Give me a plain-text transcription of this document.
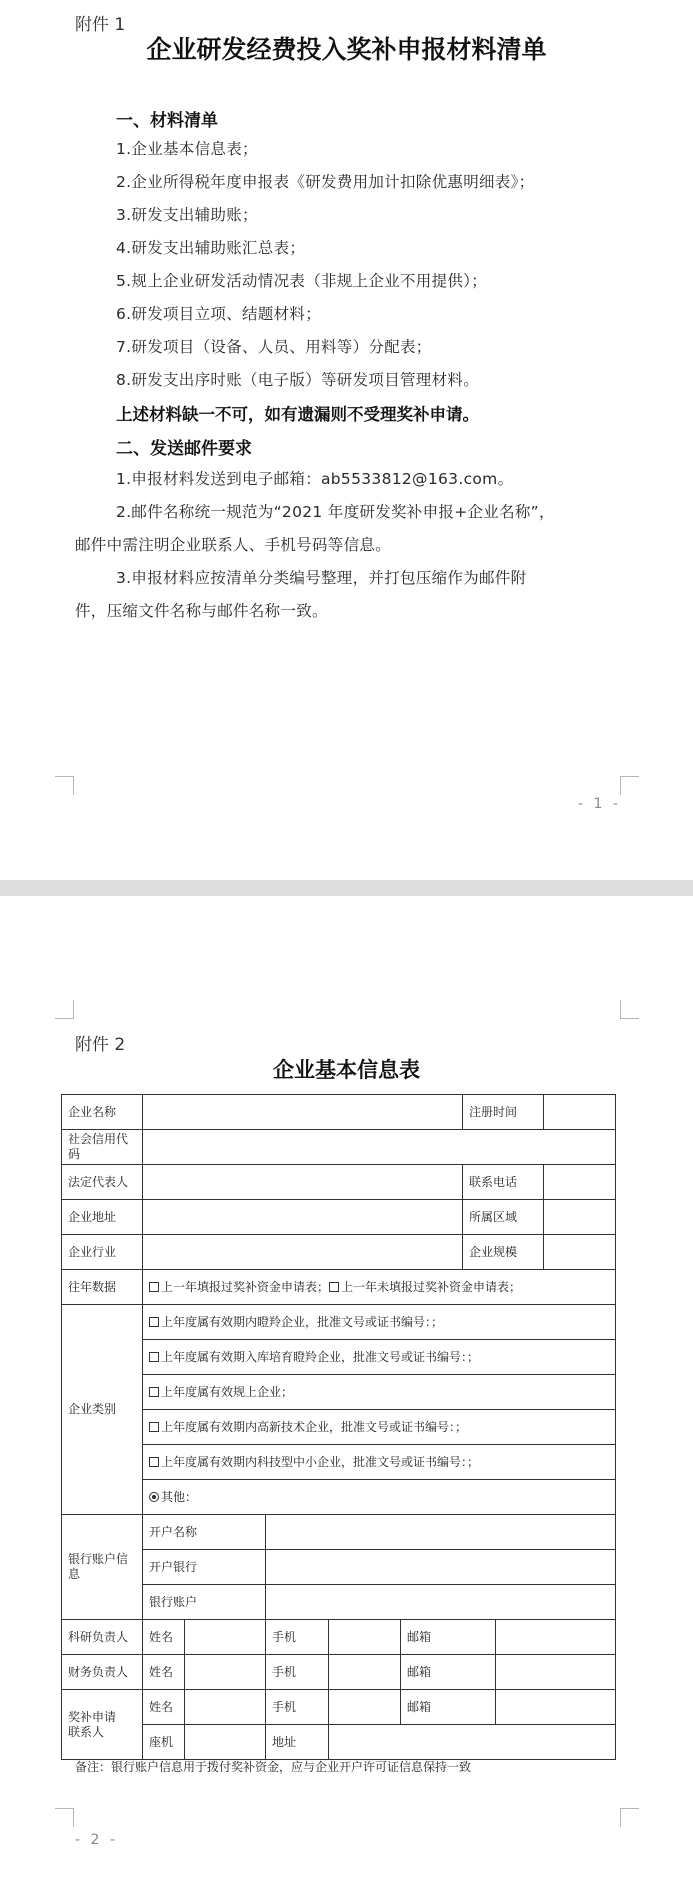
附件 1
企业研发经费投入奖补申报材料清单
一、材料清单
1.企业基本信息表；
2.企业所得税年度申报表《研发费用加计扣除优惠明细表》；
3.研发支出辅助账；
4.研发支出辅助账汇总表；
5.规上企业研发活动情况表（非规上企业不用提供）；
6.研发项目立项、结题材料；
7.研发项目（设备、人员、用料等）分配表；
8.研发支出序时账（电子版）等研发项目管理材料。
上述材料缺一不可，如有遗漏则不受理奖补申请。
二、发送邮件要求
1.申报材料发送到电子邮箱：ab5533812@163.com。
2.邮件名称统一规范为“2021 年度研发奖补申报+企业名称”，
邮件中需注明企业联系人、手机号码等信息。
3.申报材料应按清单分类编号整理，并打包压缩作为邮件附
件，压缩文件名称与邮件名称一致。
- 1 -
附件 2
企业基本信息表
企业名称						注册时间		
社会信用代码								
法定代表人						联系电话		
企业地址						所属区域		
企业行业						企业规模		
往年数据	上一年填报过奖补资金申请表； 上一年未填报过奖补资金申请表；							
企业类别	上年度属有效期内瞪羚企业，批准文号或证书编号：；							
	上年度属有效期入库培育瞪羚企业，批准文号或证书编号：；							
	上年度属有效规上企业；							
	上年度属有效期内高新技术企业，批准文号或证书编号：；							
	上年度属有效期内科技型中小企业，批准文号或证书编号：；							
	其他：							
银行账户信息	开户名称							
	开户银行							
	银行账户							
科研负责人	姓名		手机		邮箱			
财务负责人	姓名		手机		邮箱			
奖补申请联系人	姓名		手机		邮箱			
	座机		地址					
备注：银行账户信息用于拨付奖补资金，应与企业开户许可证信息保持一致
- 2 -
